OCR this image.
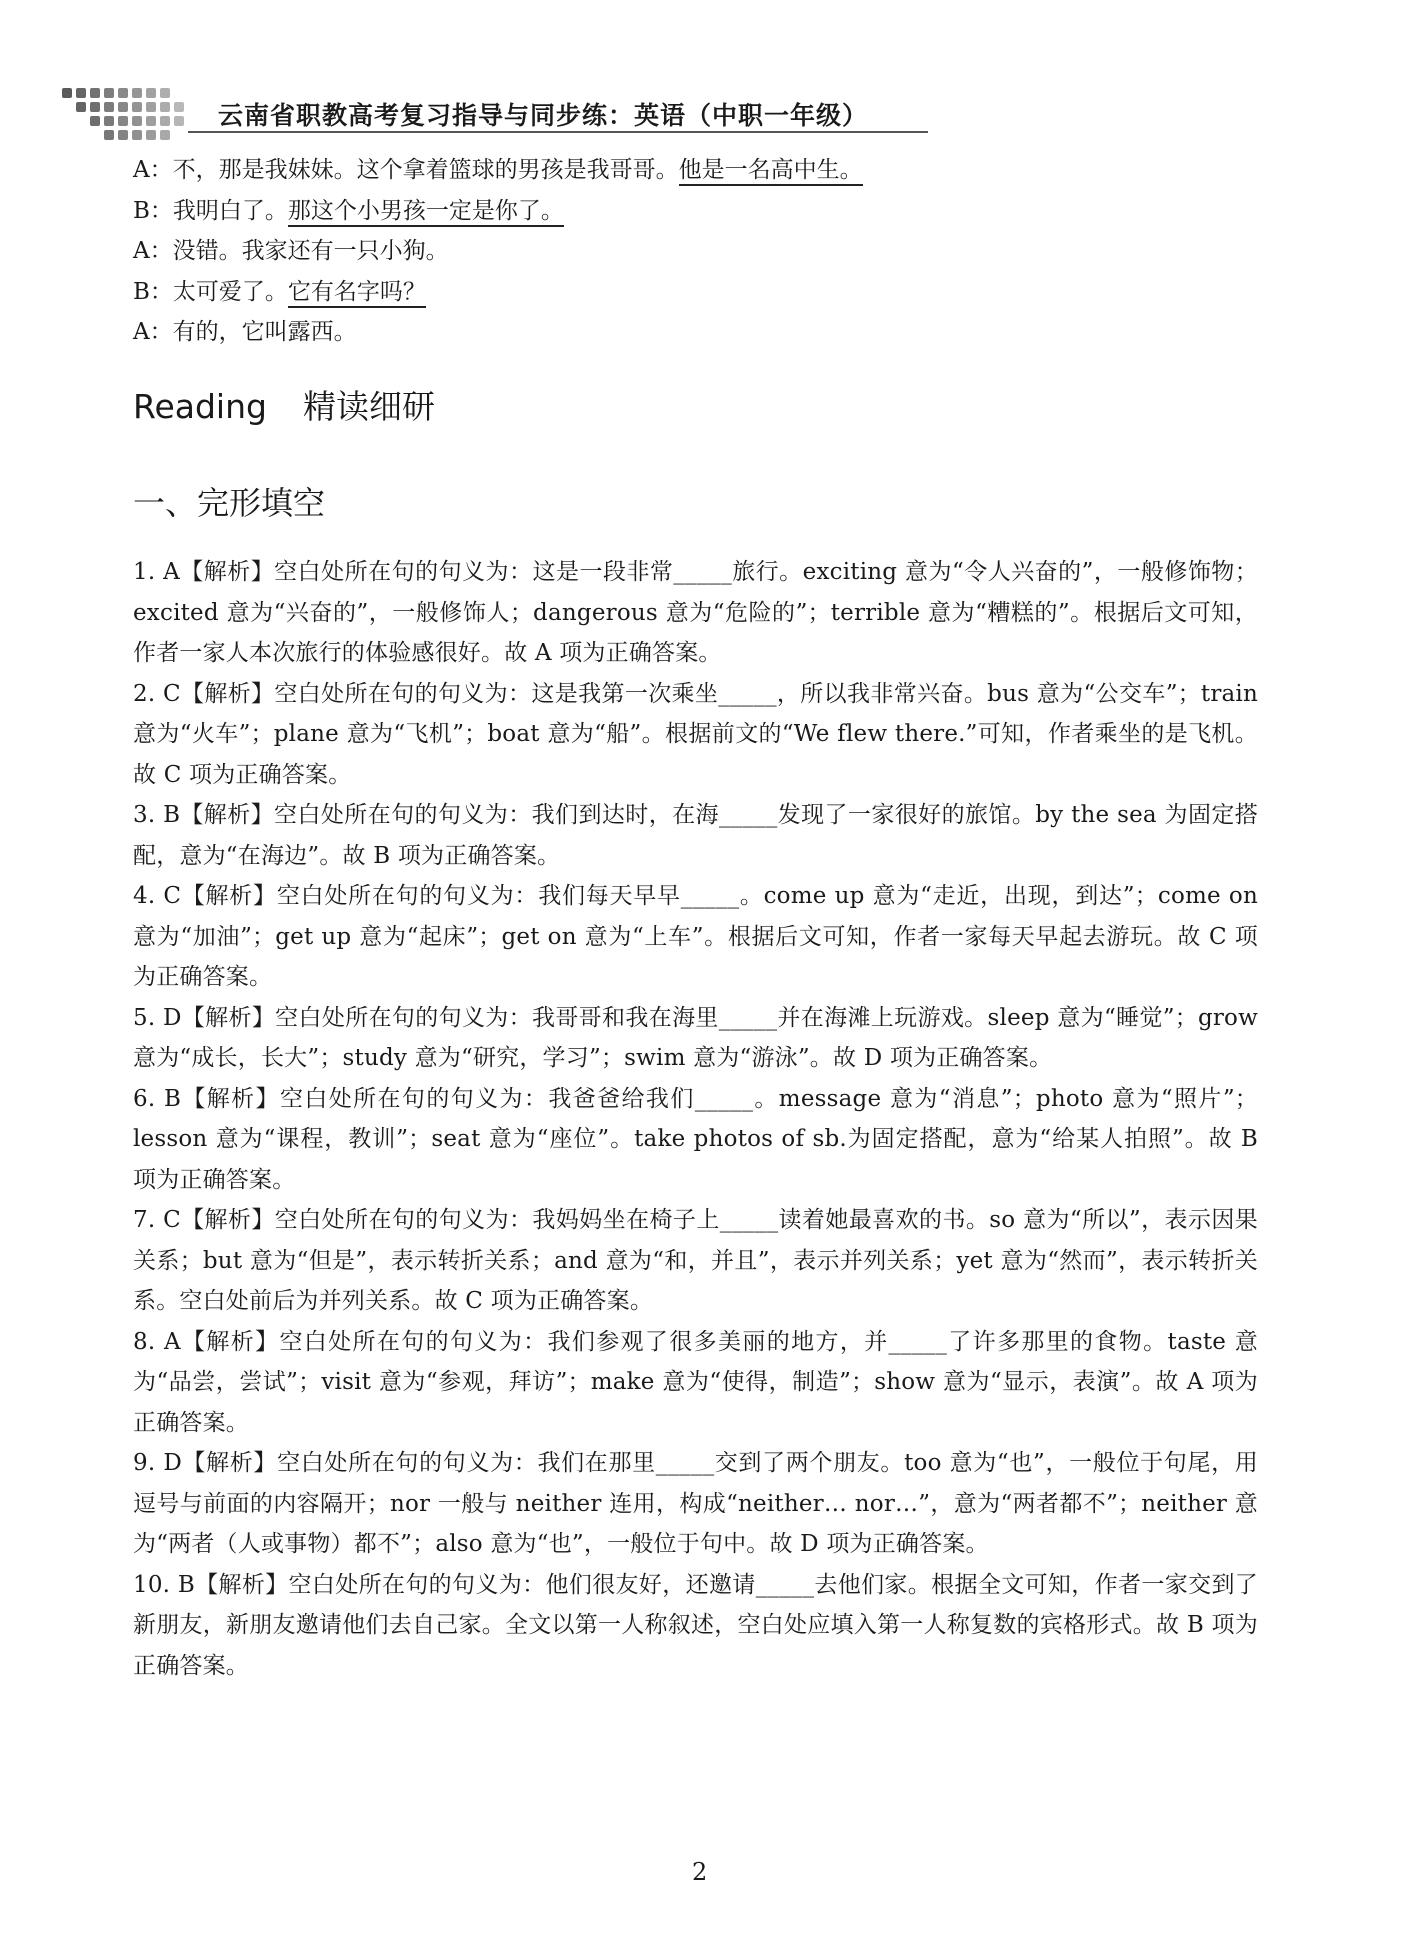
云南省职教高考复习指导与同步练：英语（中职一年级）
A：不，那是我妹妹。这个拿着篮球的男孩是我哥哥。他是一名高中生。
B：我明白了。那这个小男孩一定是你了。
A：没错。我家还有一只小狗。
B：太可爱了。它有名字吗？
A：有的，它叫露西。
Reading 精读细研
一、完形填空

1. A【解析】空白处所在句的句义为：这是一段非常_____旅行。exciting 意为“令人兴奋的”，一般修饰物；excited 意为“兴奋的”，一般修饰人；dangerous 意为“危险的”；terrible 意为“糟糕的”。根据后文可知，作者一家人本次旅行的体验感很好。故 A 项为正确答案。

2. C【解析】空白处所在句的句义为：这是我第一次乘坐_____，所以我非常兴奋。bus 意为“公交车”；train 意为“火车”；plane 意为“飞机”；boat 意为“船”。根据前文的“We flew there.”可知，作者乘坐的是飞机。故 C 项为正确答案。

3. B【解析】空白处所在句的句义为：我们到达时，在海_____发现了一家很好的旅馆。by the sea 为固定搭配，意为“在海边”。故 B 项为正确答案。

4. C【解析】空白处所在句的句义为：我们每天早早_____。come up 意为“走近，出现，到达”；come on 意为“加油”；get up 意为“起床”；get on 意为“上车”。根据后文可知，作者一家每天早起去游玩。故 C 项为正确答案。

5. D【解析】空白处所在句的句义为：我哥哥和我在海里_____并在海滩上玩游戏。sleep 意为“睡觉”；grow 意为“成长，长大”；study 意为“研究，学习”；swim 意为“游泳”。故 D 项为正确答案。

6. B【解析】空白处所在句的句义为：我爸爸给我们_____。message 意为“消息”；photo 意为“照片”；lesson 意为“课程，教训”；seat 意为“座位”。take photos of sb.为固定搭配，意为“给某人拍照”。故 B 项为正确答案。

7. C【解析】空白处所在句的句义为：我妈妈坐在椅子上_____读着她最喜欢的书。so 意为“所以”，表示因果关系；but 意为“但是”，表示转折关系；and 意为“和，并且”，表示并列关系；yet 意为“然而”，表示转折关系。空白处前后为并列关系。故 C 项为正确答案。

8. A【解析】空白处所在句的句义为：我们参观了很多美丽的地方，并_____了许多那里的食物。taste 意为“品尝，尝试”；visit 意为“参观，拜访”；make 意为“使得，制造”；show 意为“显示，表演”。故 A 项为正确答案。

9. D【解析】空白处所在句的句义为：我们在那里_____交到了两个朋友。too 意为“也”，一般位于句尾，用逗号与前面的内容隔开；nor 一般与 neither 连用，构成“neither… nor…”，意为“两者都不”；neither 意为“两者（人或事物）都不”；also 意为“也”，一般位于句中。故 D 项为正确答案。

10. B【解析】空白处所在句的句义为：他们很友好，还邀请_____去他们家。根据全文可知，作者一家交到了新朋友，新朋友邀请他们去自己家。全文以第一人称叙述，空白处应填入第一人称复数的宾格形式。故 B 项为正确答案。

2
